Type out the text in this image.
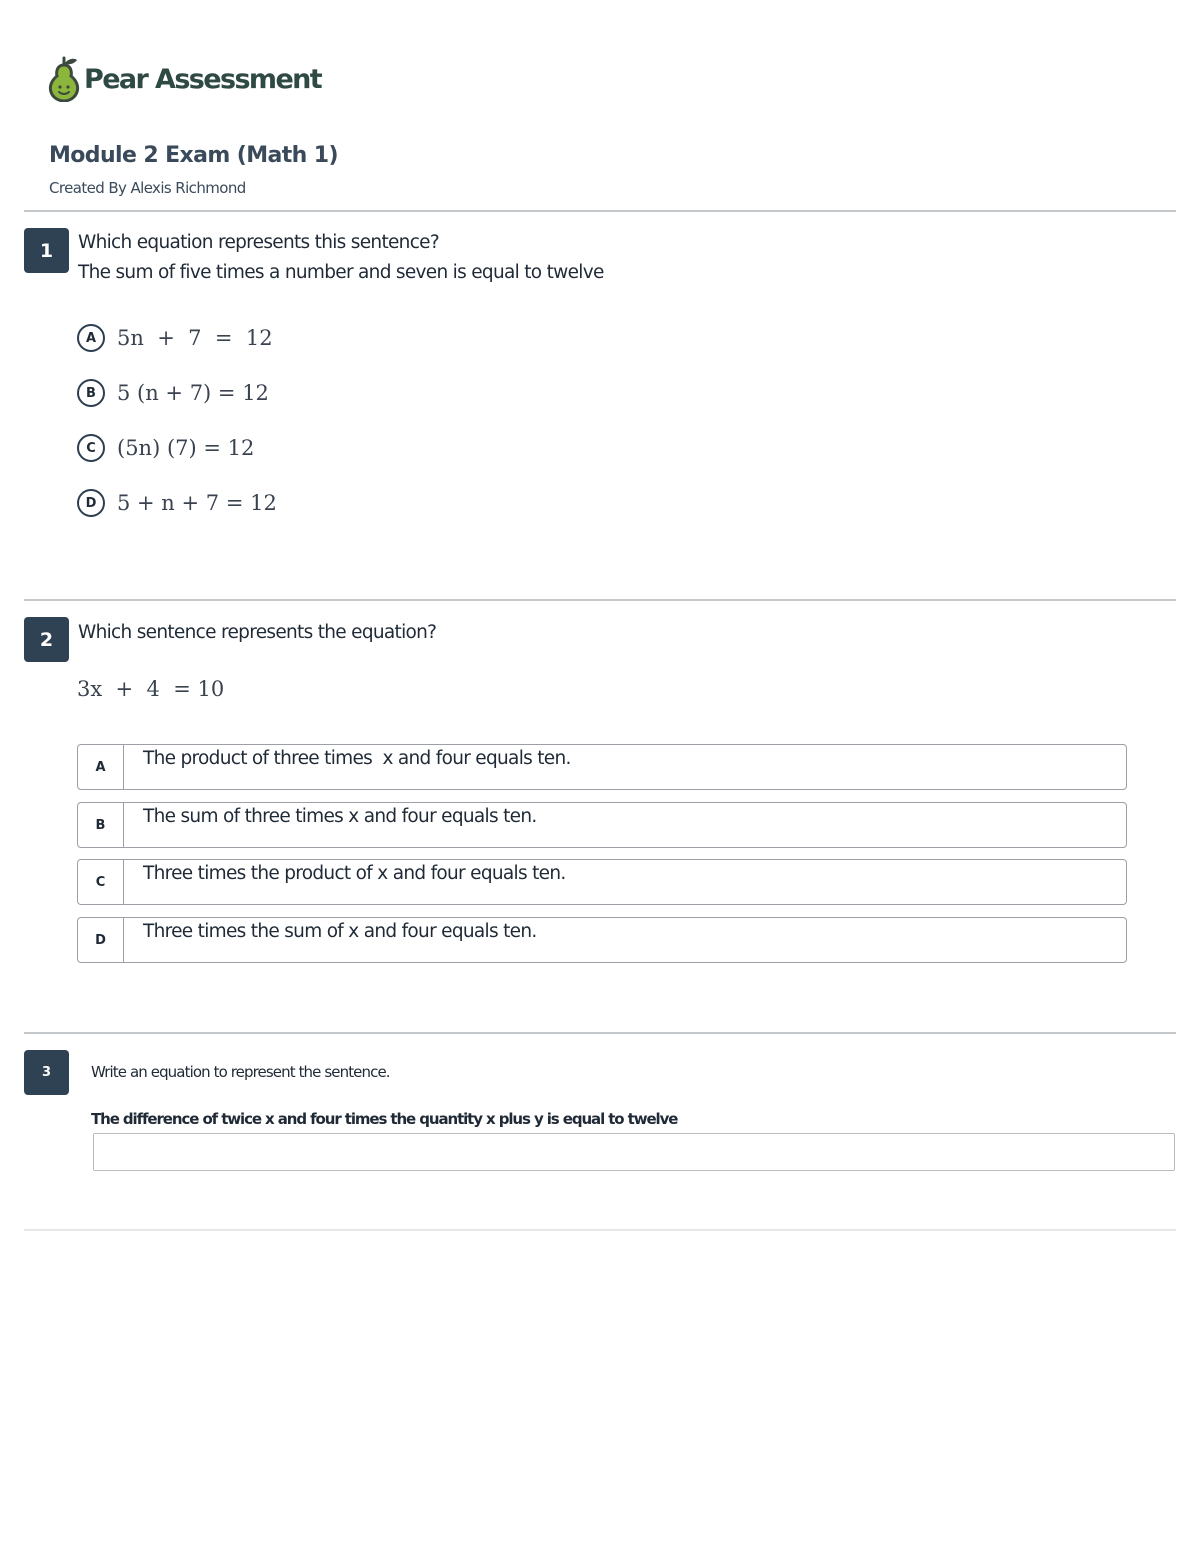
Pear Assessment
Module 2 Exam (Math 1)
Created By Alexis Richmond
1	Which equation represents this sentence?
The sum of five times a number and seven is equal to twelve
A 5n  +  7  =  12
B	5 (n + 7) = 12
C	(5n) (7) = 12
D 5 + n + 7 = 12
2	Which sentence represents the equation?
3x  +  4  = 10
A	The product of three times  x and four equals ten.
B	The sum of three times x and four equals ten.
C	Three times the product of x and four equals ten.
D	Three times the sum of x and four equals ten.
3	Write an equation to represent the sentence.
The difference of twice x and four times the quantity x plus y is equal to twelve
